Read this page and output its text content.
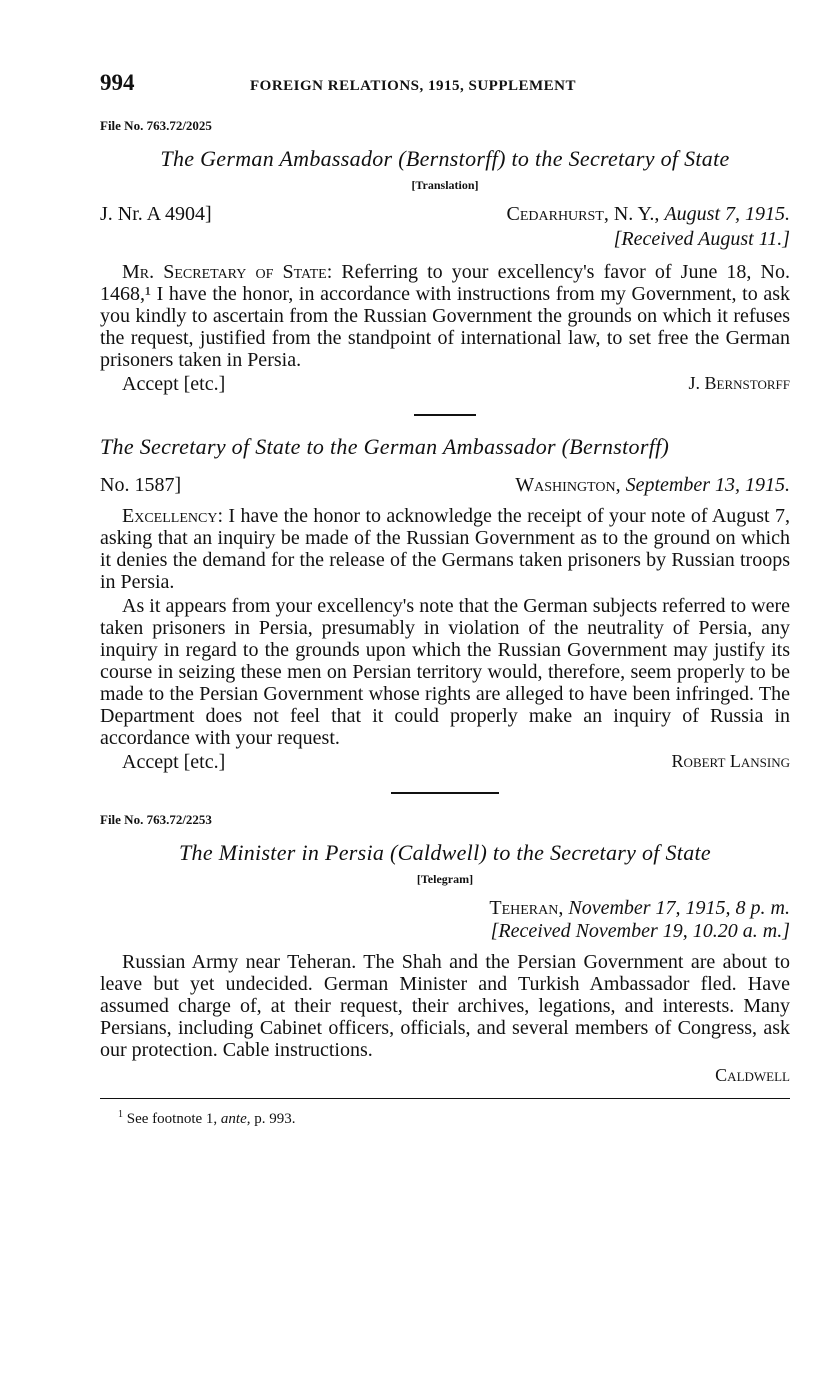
994	FOREIGN RELATIONS, 1915, SUPPLEMENT
File No. 763.72/2025
The German Ambassador (Bernstorff) to the Secretary of State
[Translation]
J. Nr. A 4904]	Cedarhurst, N. Y., August 7, 1915.
[Received August 11.]
Mr. Secretary of State: Referring to your excellency's favor of June 18, No. 1468,¹ I have the honor, in accordance with instructions from my Government, to ask you kindly to ascertain from the Russian Government the grounds on which it refuses the request, justified from the standpoint of international law, to set free the German prisoners taken in Persia.
Accept [etc.]	J. Bernstorff
The Secretary of State to the German Ambassador (Bernstorff)
No. 1587]	Washington, September 13, 1915.
Excellency: I have the honor to acknowledge the receipt of your note of August 7, asking that an inquiry be made of the Russian Government as to the ground on which it denies the demand for the release of the Germans taken prisoners by Russian troops in Persia.
As it appears from your excellency's note that the German subjects referred to were taken prisoners in Persia, presumably in violation of the neutrality of Persia, any inquiry in regard to the grounds upon which the Russian Government may justify its course in seizing these men on Persian territory would, therefore, seem properly to be made to the Persian Government whose rights are alleged to have been infringed. The Department does not feel that it could properly make an inquiry of Russia in accordance with your request.
Accept [etc.]	Robert Lansing
File No. 763.72/2253
The Minister in Persia (Caldwell) to the Secretary of State
[Telegram]
Teheran, November 17, 1915, 8 p. m.
[Received November 19, 10.20 a. m.]
Russian Army near Teheran. The Shah and the Persian Government are about to leave but yet undecided. German Minister and Turkish Ambassador fled. Have assumed charge of, at their request, their archives, legations, and interests. Many Persians, including Cabinet officers, officials, and several members of Congress, ask our protection. Cable instructions.
Caldwell
$^1$ See footnote 1, ante, p. 993.
